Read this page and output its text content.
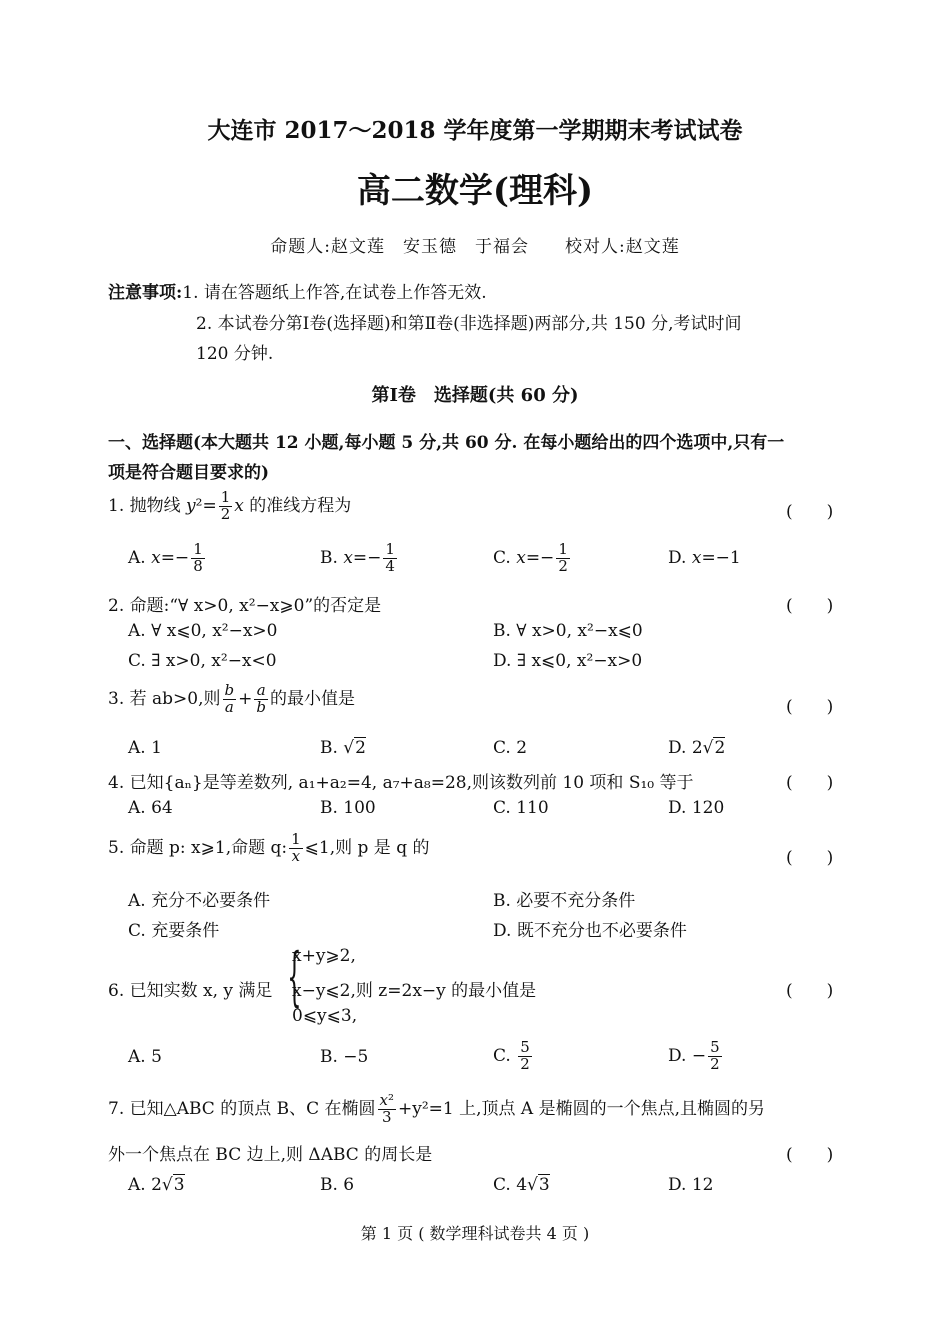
大连市 2017～2018 学年度第一学期期末考试试卷
高二数学(理科)
命题人:赵文莲　安玉德　于福会　　校对人:赵文莲
注意事项:1. 请在答题纸上作答,在试卷上作答无效.
2. 本试卷分第Ⅰ卷(选择题)和第Ⅱ卷(非选择题)两部分,共 150 分,考试时间
120 分钟.
第Ⅰ卷　选择题(共 60 分)
一、选择题(本大题共 12 小题,每小题 5 分,共 60 分. 在每小题给出的四个选项中,只有一
项是符合题目要求的)
1. 抛物线 $y^2= \frac{1}{2}$ x 的准线方程为	(　　)
A. $x=- \frac{1}{8}$	B. $x=- \frac{1}{4}$	C. $x=- \frac{1}{2}$	D. x=−1
2. 命题:“∀ x>0, x²−x⩾0”的否定是	(　　)
A. ∀ x⩽0, x²−x>0	B. ∀ x>0, x²−x⩽0
C. ∃ x>0, x²−x<0	D. ∃ x⩽0, x²−x>0
3. 若 ab>0,则 $\frac{b}{a} + \frac{a}{b}$ 的最小值是	(　　)
A. 1	B. √2	C. 2	D. 2√2
4. 已知{aₙ}是等差数列, a₁+a₂=4, a₇+a₈=28,则该数列前 10 项和 S₁₀ 等于	(　　)
A. 64	B. 100	C. 110	D. 120
5. 命题 p: x⩾1,命题 q: $\frac{1}{x}$ ⩽1,则 p 是 q 的
(　　)
A. 充分不必要条件	B. 必要不充分条件
C. 充要条件	D. 既不充分也不必要条件
6. 已知实数 x, y 满足 {
x+y⩾2,
x−y⩽2,则 z=2x−y 的最小值是
0⩽y⩽3,
(　　)
A. 5	B. −5	C. $\frac{5}{2}$	D. − $\frac{5}{2}$
7. 已知△ABC 的顶点 B、C 在椭圆 $\frac{\text{x²}}{3} +y^2=1$ 上,顶点 A 是椭圆的一个焦点,且椭圆的另
外一个焦点在 BC 边上,则 ΔABC 的周长是	(　　)
A. 2√3	B. 6	C. 4√3	D. 12
第 1 页 ( 数学理科试卷共 4 页 )
